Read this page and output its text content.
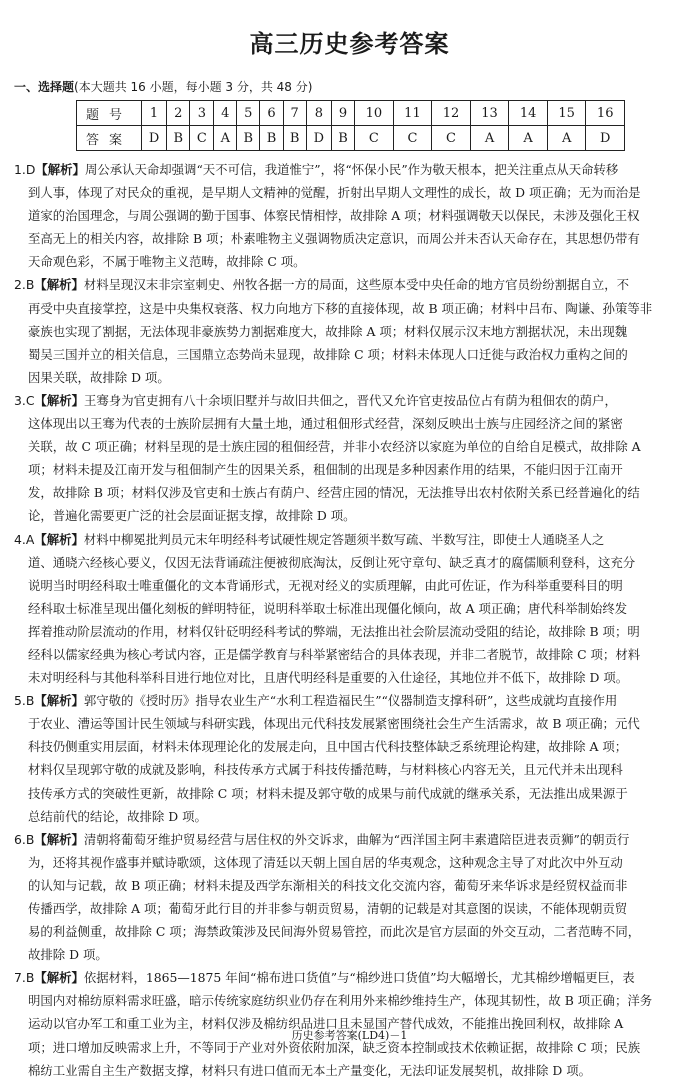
高三历史参考答案
一、选择题(本大题共 16 小题，每小题 3 分，共 48 分)
题号	1	2	3	4	5	6	7	8	9	10	11	12	13	14	15	16
答案	D	B	C	A	B	B	B	D	B	C	C	C	A	A	A	D

1.D【解析】周公承认天命却强调“天不可信，我道惟宁”，将“怀保小民”作为敬天根本，把关注重点从天命转移

到人事，体现了对民众的重视，是早期人文精神的觉醒，折射出早期人文理性的成长，故 D 项正确；无为而治是

道家的治国理念，与周公强调的勤于国事、体察民情相悖，故排除 A 项；材料强调敬天以保民，未涉及强化王权

至高无上的相关内容，故排除 B 项；朴素唯物主义强调物质决定意识，而周公并未否认天命存在，其思想仍带有

天命观色彩，不属于唯物主义范畴，故排除 C 项。

2.B【解析】材料呈现汉末非宗室刺史、州牧各据一方的局面，这些原本受中央任命的地方官员纷纷割据自立，不

再受中央直接掌控，这是中央集权衰落、权力向地方下移的直接体现，故 B 项正确；材料中吕布、陶谦、孙策等非

豪族也实现了割据，无法体现非豪族势力割据难度大，故排除 A 项；材料仅展示汉末地方割据状况，未出现魏

蜀吴三国并立的相关信息，三国鼎立态势尚未显现，故排除 C 项；材料未体现人口迁徙与政治权力重构之间的

因果关联，故排除 D 项。

3.C【解析】王骞身为官吏拥有八十余顷旧墅并与故旧共佃之，晋代又允许官吏按品位占有荫为租佃农的荫户，

这体现出以王骞为代表的士族阶层拥有大量土地，通过租佃形式经营，深刻反映出士族与庄园经济之间的紧密

关联，故 C 项正确；材料呈现的是士族庄园的租佃经营，并非小农经济以家庭为单位的自给自足模式，故排除 A

项；材料未提及江南开发与租佃制产生的因果关系，租佃制的出现是多种因素作用的结果，不能归因于江南开

发，故排除 B 项；材料仅涉及官吏和士族占有荫户、经营庄园的情况，无法推导出农村依附关系已经普遍化的结

论，普遍化需要更广泛的社会层面证据支撑，故排除 D 项。

4.A【解析】材料中柳冕批判员元末年明经科考试硬性规定答题须半数写疏、半数写注，即使士人通晓圣人之

道、通晓六经核心要义，仅因无法背诵疏注便被彻底淘汰，反倒让死守章句、缺乏真才的腐儒顺利登科，这充分

说明当时明经科取士唯重僵化的文本背诵形式，无视对经义的实质理解，由此可佐证，作为科举重要科目的明

经科取士标准呈现出僵化刻板的鲜明特征，说明科举取士标准出现僵化倾向，故 A 项正确；唐代科举制始终发

挥着推动阶层流动的作用，材料仅针砭明经科考试的弊端，无法推出社会阶层流动受阻的结论，故排除 B 项；明

经科以儒家经典为核心考试内容，正是儒学教育与科举紧密结合的具体表现，并非二者脱节，故排除 C 项；材料

未对明经科与其他科举科目进行地位对比，且唐代明经科是重要的入仕途径，其地位并不低下，故排除 D 项。

5.B【解析】郭守敬的《授时历》指导农业生产“水利工程造福民生”“仪器制造支撑科研”，这些成就均直接作用

于农业、漕运等国计民生领域与科研实践，体现出元代科技发展紧密围绕社会生产生活需求，故 B 项正确；元代

科技仍侧重实用层面，材料未体现理论化的发展走向，且中国古代科技整体缺乏系统理论构建，故排除 A 项；

材料仅呈现郭守敬的成就及影响，科技传承方式属于科技传播范畴，与材料核心内容无关，且元代并未出现科

技传承方式的突破性更新，故排除 C 项；材料未提及郭守敬的成果与前代成就的继承关系，无法推出成果源于

总结前代的结论，故排除 D 项。

6.B【解析】清朝将葡萄牙维护贸易经营与居住权的外交诉求，曲解为“西洋国主阿丰素遣陪臣进表贡狮”的朝贡行

为，还将其视作盛事并赋诗歌颂，这体现了清廷以天朝上国自居的华夷观念，这种观念主导了对此次中外互动

的认知与记载，故 B 项正确；材料未提及西学东渐相关的科技文化交流内容，葡萄牙来华诉求是经贸权益而非

传播西学，故排除 A 项；葡萄牙此行目的并非参与朝贡贸易，清朝的记载是对其意图的误读，不能体现朝贡贸

易的利益侧重，故排除 C 项；海禁政策涉及民间海外贸易管控，而此次是官方层面的外交互动，二者范畴不同，

故排除 D 项。

7.B【解析】依据材料，1865—1875 年间“棉布进口货值”与“棉纱进口货值”均大幅增长，尤其棉纱增幅更巨，表

明国内对棉纺原料需求旺盛，暗示传统家庭纺织业仍存在利用外来棉纱维持生产，体现其韧性，故 B 项正确；洋务

运动以官办军工和重工业为主，材料仅涉及棉纺织品进口且未显国产替代成效，不能推出挽回利权，故排除 A

项；进口增加反映需求上升，不等同于产业对外资依附加深，缺乏资本控制或技术依赖证据，故排除 C 项；民族

棉纺工业需自主生产数据支撑，材料只有进口值而无本土产量变化，无法印证发展契机，故排除 D 项。

历史参考答案(LD4)－1
